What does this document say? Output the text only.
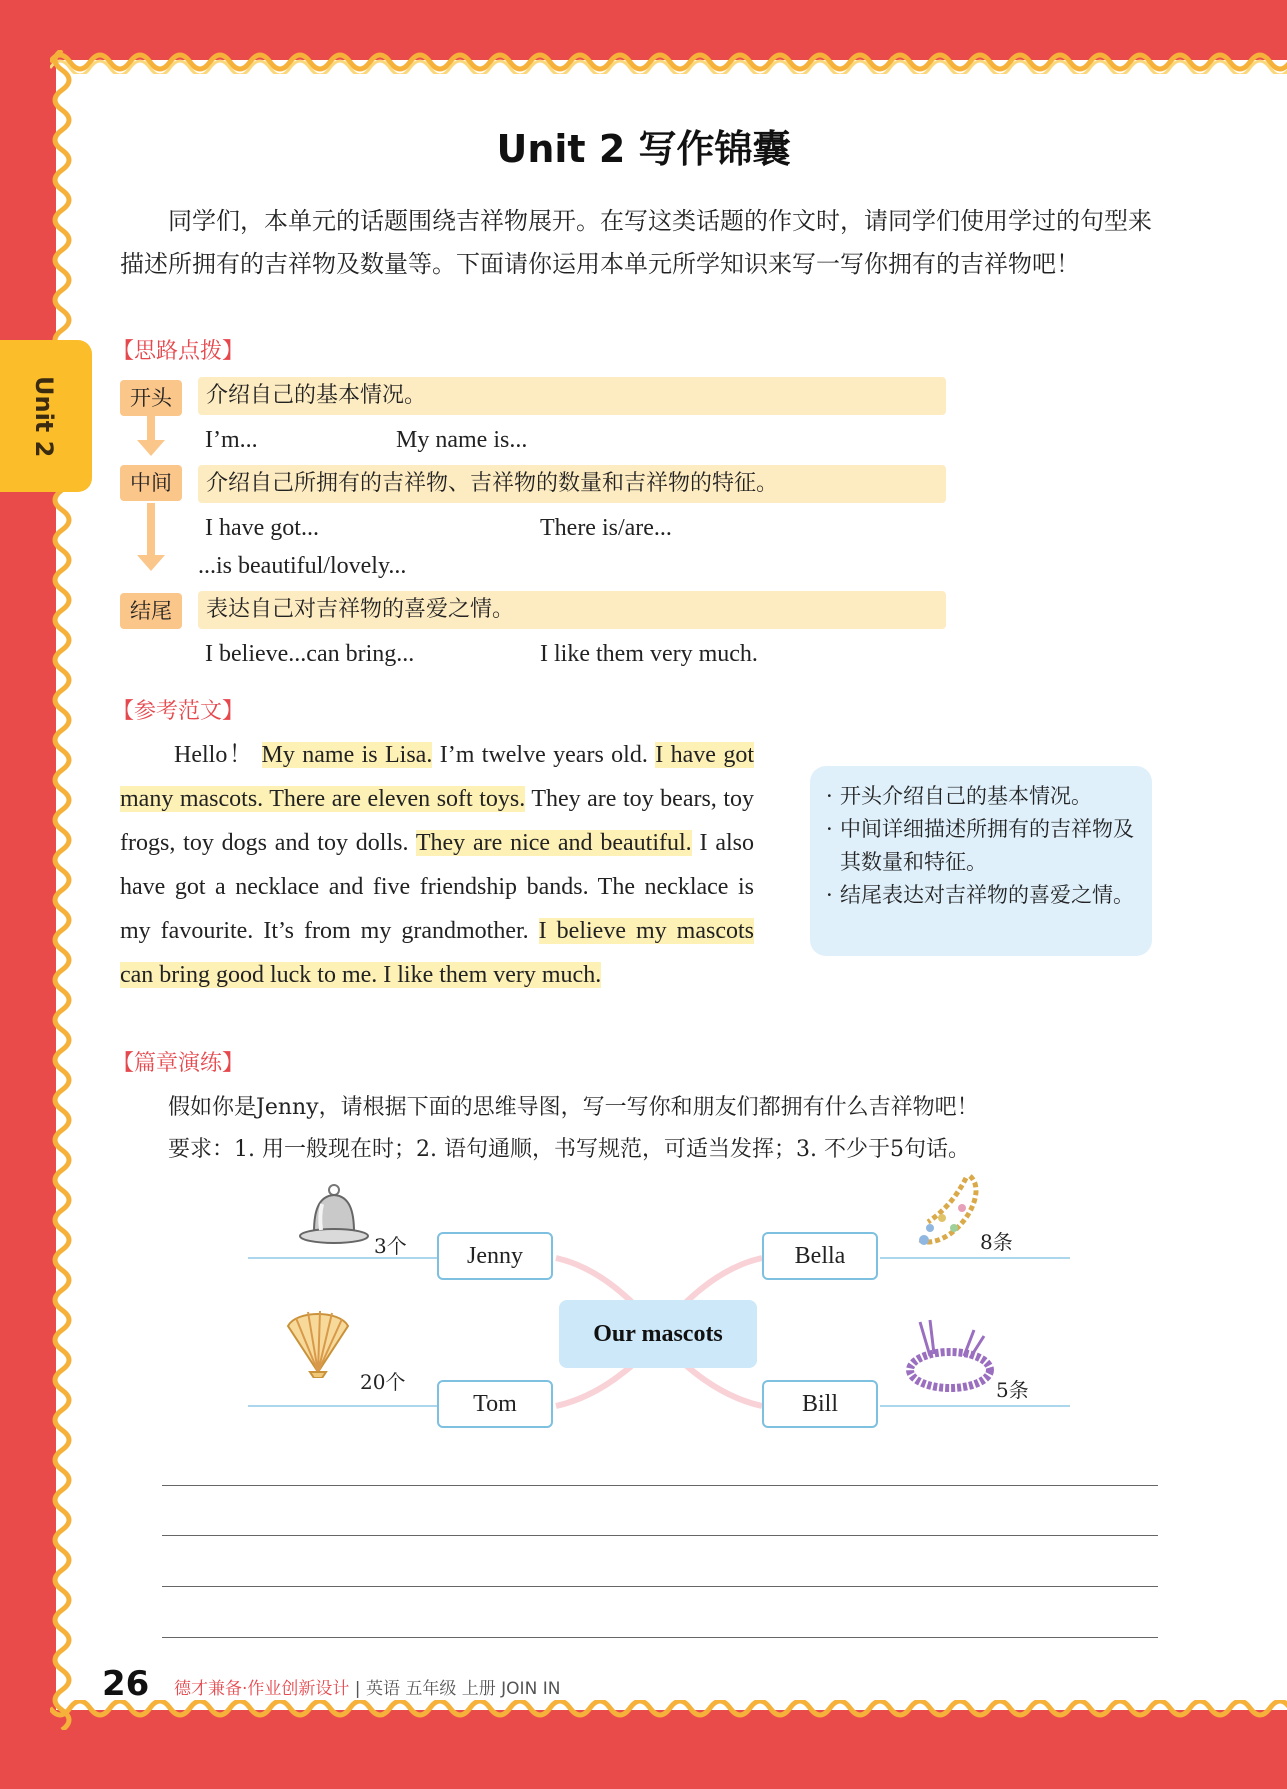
Unit 2
Unit 2 写作锦囊
同学们，本单元的话题围绕吉祥物展开。在写这类话题的作文时，请同学们使用学过的句型来描述所拥有的吉祥物及数量等。下面请你运用本单元所学知识来写一写你拥有的吉祥物吧！
【思路点拨】
开头	介绍自己的基本情况。
I’m...	My name is...
中间	介绍自己所拥有的吉祥物、吉祥物的数量和吉祥物的特征。
I have got...	There is/are...
...is beautiful/lovely...
结尾	表达自己对吉祥物的喜爱之情。
I believe...can bring...	I like them very much.
【参考范文】
Hello！ My name is Lisa. I’m twelve years old. I have got many mascots. There are eleven soft toys. They are toy bears, toy frogs, toy dogs and toy dolls. They are nice and beautiful. I also have got a necklace and five friendship bands. The necklace is my favourite. It’s from my grandmother. I believe my mascots can bring good luck to me. I like them very much.
· 开头介绍自己的基本情况。
· 中间详细描述所拥有的吉祥物及其数量和特征。
· 结尾表达对吉祥物的喜爱之情。
【篇章演练】
假如你是Jenny，请根据下面的思维导图，写一写你和朋友们都拥有什么吉祥物吧！
要求：1. 用一般现在时；2. 语句通顺，书写规范，可适当发挥；3. 不少于5句话。
Our mascots
Jenny	Bella
Tom	Bill
3个	8条
20个	5条
26 德才兼备·作业创新设计 | 英语 五年级 上册 JOIN IN
